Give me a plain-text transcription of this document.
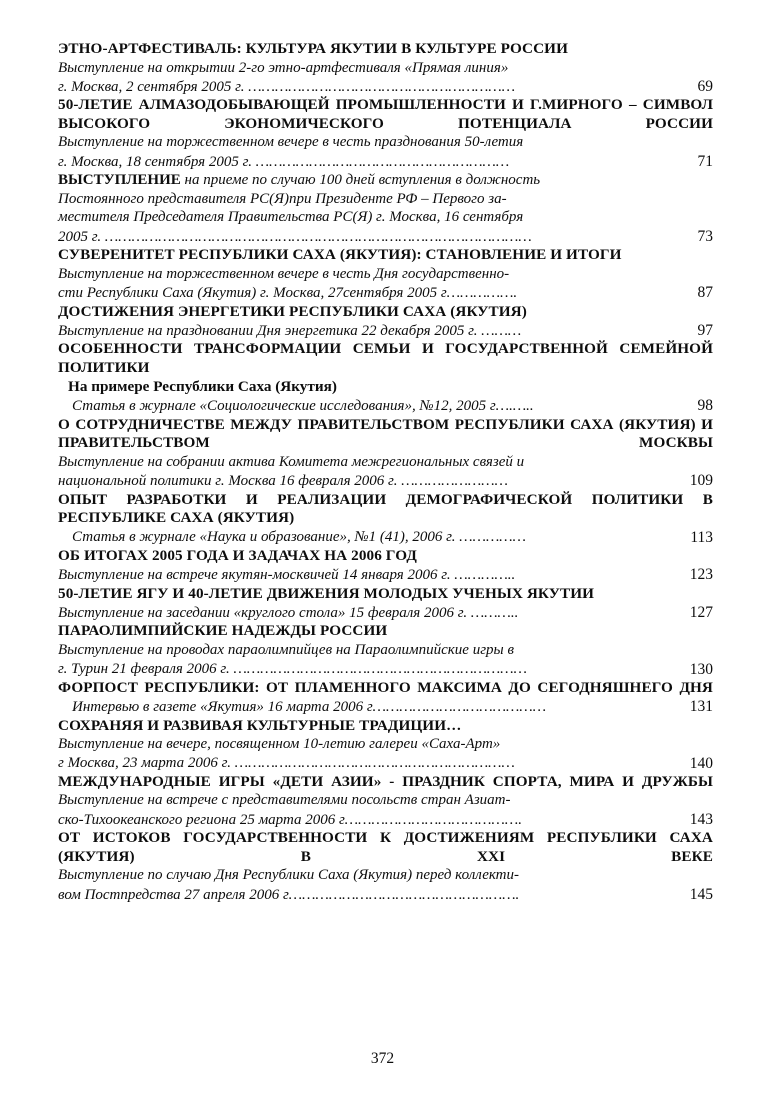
ЭТНО-АРТФЕСТИВАЛЬ: КУЛЬТУРА ЯКУТИИ В КУЛЬТУРЕ РОССИИ
Выступление на открытии 2-го этно-артфестиваля «Прямая линия»
г. Москва, 2 сентября 2005 г. ……………………………………………………	69
50-ЛЕТИЕ АЛМАЗОДОБЫВАЮЩЕЙ ПРОМЫШЛЕННОСТИ И Г.МИРНОГО – СИМВОЛ ВЫСОКОГО ЭКОНОМИЧЕСКОГО ПОТЕНЦИАЛА РОССИИ
Выступление на торжественном вечере в честь празднования 50-летия
г. Москва, 18 сентября 2005 г. …………………………………………………	71
ВЫСТУПЛЕНИЕ на приеме по случаю 100 дней вступления в должность
Постоянного представителя РС(Я)при Президенте РФ – Первого за-
местителя Председателя Правительства РС(Я) г. Москва, 16 сентября
2005 г. ……………………………………………………………………………………	73
СУВЕРЕНИТЕТ РЕСПУБЛИКИ САХА (ЯКУТИЯ): СТАНОВЛЕНИЕ И ИТОГИ
Выступление на торжественном вечере в честь Дня государственно-
сти Республики Саха (Якутия) г. Москва, 27сентября 2005 г…………….	87
ДОСТИЖЕНИЯ ЭНЕРГЕТИКИ РЕСПУБЛИКИ САХА (ЯКУТИЯ)
Выступление на праздновании Дня энергетика 22 декабря 2005 г. ………	97
ОСОБЕННОСТИ ТРАНСФОРМАЦИИ СЕМЬИ И ГОСУДАРСТВЕННОЙ СЕМЕЙНОЙ ПОЛИТИКИ
На примере Республики Саха (Якутия)
Статья в журнале «Социологические исследования», №12, 2005 г….…..	98
О СОТРУДНИЧЕСТВЕ МЕЖДУ ПРАВИТЕЛЬСТВОМ РЕСПУБЛИКИ САХА (ЯКУТИЯ) И ПРАВИТЕЛЬСТВОМ МОСКВЫ
Выступление на собрании актива Комитета межрегиональных связей и
национальной политики г. Москва 16 февраля 2006 г. ……………………	109
ОПЫТ РАЗРАБОТКИ И РЕАЛИЗАЦИИ ДЕМОГРАФИЧЕСКОЙ ПОЛИТИКИ В РЕСПУБЛИКЕ САХА (ЯКУТИЯ)
Статья в журнале «Наука и образование», №1 (41), 2006 г. ……………	113
ОБ ИТОГАХ 2005 ГОДА И ЗАДАЧАХ НА 2006 ГОД
Выступление на встрече якутян-москвичей 14 января 2006 г. …………..	123
50-ЛЕТИЕ ЯГУ И 40-ЛЕТИЕ ДВИЖЕНИЯ МОЛОДЫХ УЧЕНЫХ ЯКУТИИ
Выступление на заседании «круглого стола» 15 февраля 2006 г. ………..	127
ПАРАОЛИМПИЙСКИЕ НАДЕЖДЫ РОССИИ
Выступление на проводах параолимпийцев на Параолимпийские игры в
г. Турин 21 февраля 2006 г. …………………………………………………………	130
ФОРПОСТ РЕСПУБЛИКИ: ОТ ПЛАМЕННОГО МАКСИМА ДО СЕГОДНЯШНЕГО ДНЯ
Интервью в газете «Якутия» 16 марта 2006 г…………………………………	131
СОХРАНЯЯ И РАЗВИВАЯ КУЛЬТУРНЫЕ ТРАДИЦИИ…
Выступление на вечере, посвященном 10-летию галереи «Саха-Арт»
г Москва, 23 марта 2006 г. ………………………………………………………	140
МЕЖДУНАРОДНЫЕ ИГРЫ «ДЕТИ АЗИИ» - ПРАЗДНИК СПОРТА, МИРА И ДРУЖБЫ
Выступление на встрече с представителями посольств стран Азиат-
ско-Тихоокеанского региона 25 марта 2006 г………………………………….	143
ОТ ИСТОКОВ ГОСУДАРСТВЕННОСТИ К ДОСТИЖЕНИЯМ РЕСПУБЛИКИ САХА (ЯКУТИЯ) В ХХI ВЕКЕ
Выступление по случаю Дня Республики Саха (Якутия) перед коллекти-
вом Постпредства 27 апреля 2006 г…………………………………………….	145
372
